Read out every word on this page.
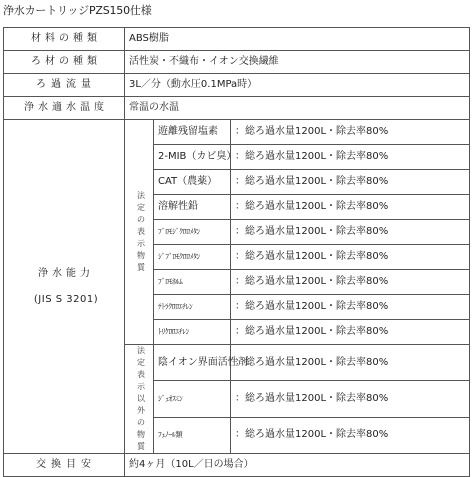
浄水カートリッジPZS150仕様
材料の種類	ABS樹脂		
ろ材の種類	活性炭・不織布・イオン交換繊維		
ろ過流量	3L／分（動水圧0.1MPa時）		
浄水適水温度	常温の水温		

浄水能力
(JIS S 3201)	法定の表示物質	遊離残留塩素	：総ろ過水量1200L・除去率80%
		2-MIB（カビ臭）	：総ろ過水量1200L・除去率80%
		CAT（農薬）	：総ろ過水量1200L・除去率80%
		溶解性鉛	：総ろ過水量1200L・除去率80%
		ﾌﾞﾛﾓｼﾞｸﾛﾛﾒﾀﾝ	：総ろ過水量1200L・除去率80%
		ｼﾞﾌﾞﾛﾓｸﾛﾛﾒﾀﾝ	：総ろ過水量1200L・除去率80%
		ﾌﾞﾛﾓﾎﾙﾑ	：総ろ過水量1200L・除去率80%
		ﾃﾄﾗｸﾛﾛｴﾁﾚﾝ	：総ろ過水量1200L・除去率80%
		ﾄﾘｸﾛﾛｴﾁﾚﾝ	：総ろ過水量1200L・除去率80%
	法定表示以外の物質	陰イオン界面活性剤	：総ろ過水量1200L・除去率80%
		ｼﾞｪｵｽﾐﾝ	：総ろ過水量1200L・除去率80%
		ﾌｪﾉｰﾙ類	：総ろ過水量1200L・除去率80%
交換目安	約4ヶ月（10L／日の場合）		
